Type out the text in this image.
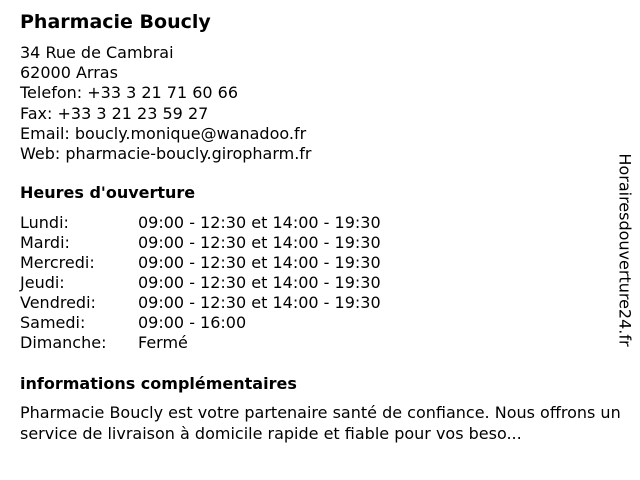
Pharmacie Boucly
34 Rue de Cambrai
62000 Arras
Telefon: +33 3 21 71 60 66
Fax: +33 3 21 23 59 27
Email: boucly.monique@wanadoo.fr
Web: pharmacie-boucly.giropharm.fr
Heures d'ouverture
Lundi:	09:00 - 12:30 et 14:00 - 19:30
Mardi:	09:00 - 12:30 et 14:00 - 19:30
Mercredi:	09:00 - 12:30 et 14:00 - 19:30
Jeudi:	09:00 - 12:30 et 14:00 - 19:30
Vendredi:	09:00 - 12:30 et 14:00 - 19:30
Samedi:	09:00 - 16:00
Dimanche: Fermé
informations complémentaires
Pharmacie Boucly est votre partenaire santé de confiance. Nous offrons un service de livraison à domicile rapide et fiable pour vos beso...
Horairesdouverture24.fr
